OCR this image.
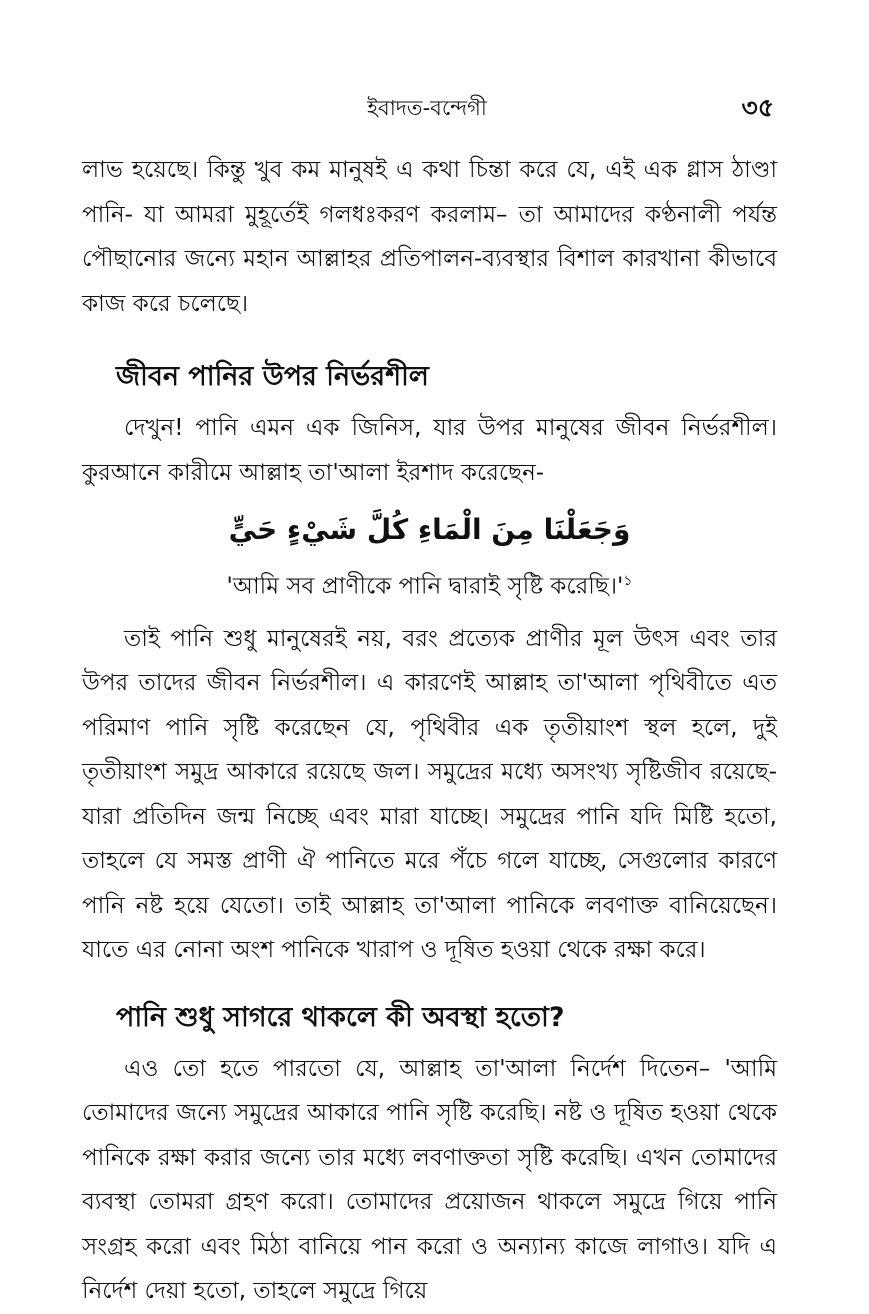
ইবাদত-বন্দেগী	৩৫

লাভ হয়েছে। কিন্তু খুব কম মানুষই এ কথা চিন্তা করে যে, এই এক গ্লাস ঠাণ্ডা পানি- যা আমরা মুহূর্তেই গলধঃকরণ করলাম– তা আমাদের কণ্ঠনালী পর্যন্ত পৌছানোর জন্যে মহান আল্লাহর প্রতিপালন-ব্যবস্থার বিশাল কারখানা কীভাবে কাজ করে চলেছে।

জীবন পানির উপর নির্ভরশীল

দেখুন! পানি এমন এক জিনিস, যার উপর মানুষের জীবন নির্ভরশীল। কুরআনে কারীমে আল্লাহ তা'আলা ইরশাদ করেছেন-

وَجَعَلْنَا مِنَ الْمَاءِ كُلَّ شَيْءٍ حَيٍّ
'আমি সব প্রাণীকে পানি দ্বারাই সৃষ্টি $করেছি।'^১$

তাই পানি শুধু মানুষেরই নয়, বরং প্রত্যেক প্রাণীর মূল উৎস এবং তার উপর তাদের জীবন নির্ভরশীল। এ কারণেই আল্লাহ তা'আলা পৃথিবীতে এত পরিমাণ পানি সৃষ্টি করেছেন যে, পৃথিবীর এক তৃতীয়াংশ স্থল হলে, দুই তৃতীয়াংশ সমুদ্র আকারে রয়েছে জল। সমুদ্রের মধ্যে অসংখ্য সৃষ্টিজীব রয়েছে- যারা প্রতিদিন জন্ম নিচ্ছে এবং মারা যাচ্ছে। সমুদ্রের পানি যদি মিষ্টি হতো, তাহলে যে সমস্ত প্রাণী ঐ পানিতে মরে পঁচে গলে যাচ্ছে, সেগুলোর কারণে পানি নষ্ট হয়ে যেতো। তাই আল্লাহ তা'আলা পানিকে লবণাক্ত বানিয়েছেন। যাতে এর নোনা অংশ পানিকে খারাপ ও দূষিত হওয়া থেকে রক্ষা করে।

পানি শুধু সাগরে থাকলে কী অবস্থা হতো?

এও তো হতে পারতো যে, আল্লাহ তা'আলা নির্দেশ দিতেন– 'আমি তোমাদের জন্যে সমুদ্রের আকারে পানি সৃষ্টি করেছি। নষ্ট ও দূষিত হওয়া থেকে পানিকে রক্ষা করার জন্যে তার মধ্যে লবণাক্ততা সৃষ্টি করেছি। এখন তোমাদের ব্যবস্থা তোমরা গ্রহণ করো। তোমাদের প্রয়োজন থাকলে সমুদ্রে গিয়ে পানি সংগ্রহ করো এবং মিঠা বানিয়ে পান করো ও অন্যান্য কাজে লাগাও। যদি এ নির্দেশ দেয়া হতো, তাহলে সমুদ্রে গিয়ে
